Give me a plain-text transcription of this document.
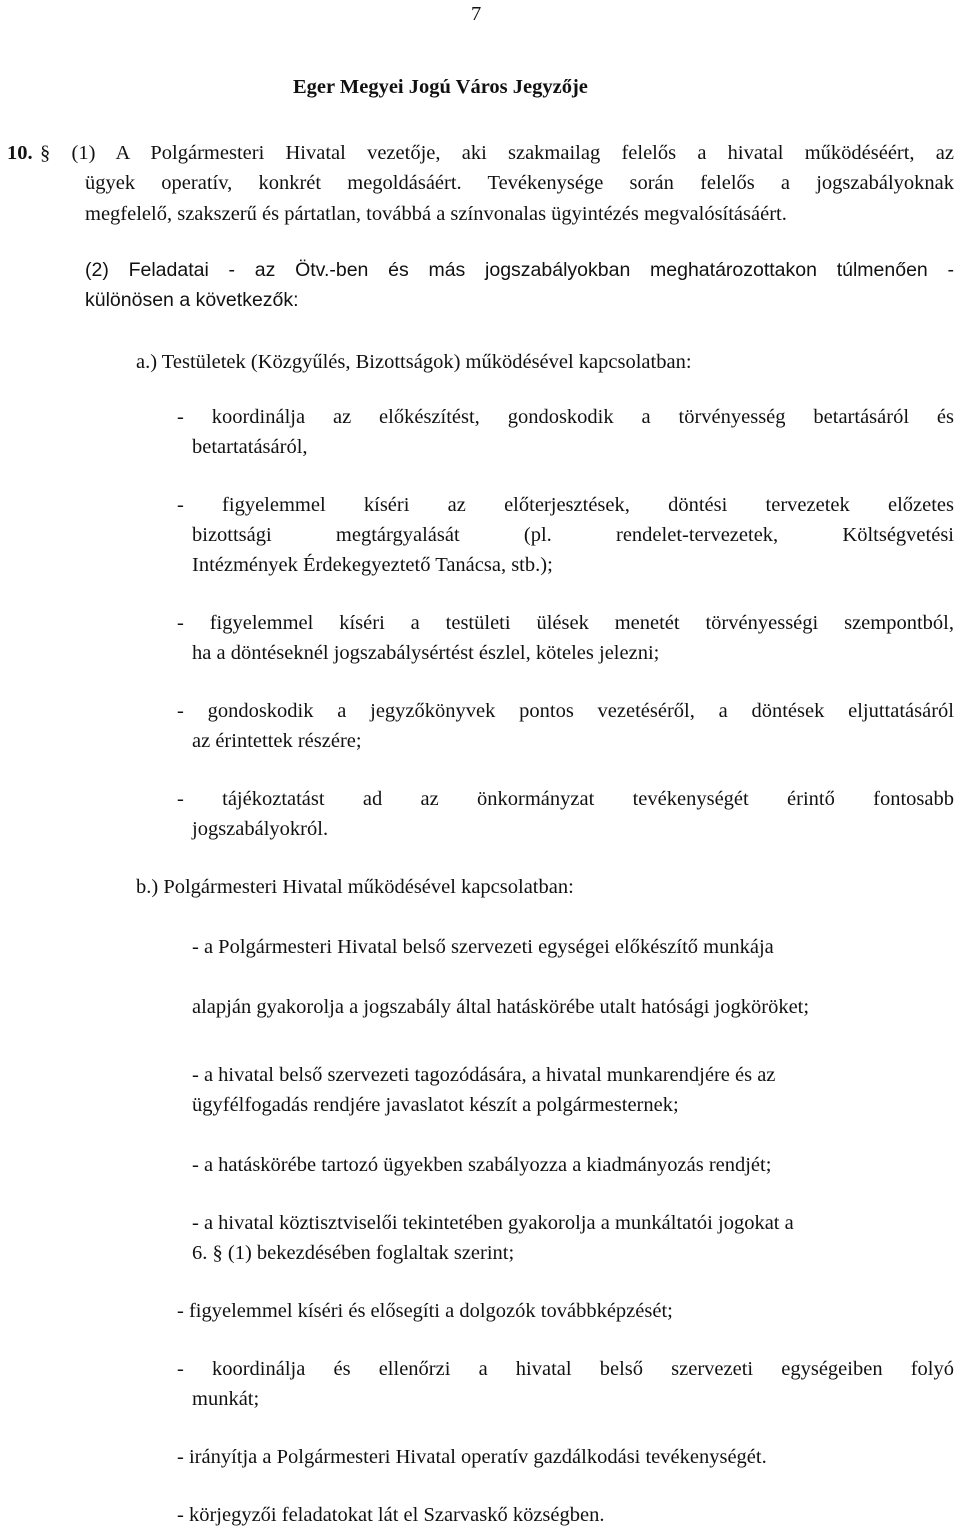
7
Eger Megyei Jogú Város Jegyzője
10. § (1) A Polgármesteri Hivatal vezetője, aki szakmailag felelős a hivatal működéséért, az
ügyek operatív, konkrét megoldásáért. Tevékenysége során felelős a jogszabályoknak
megfelelő, szakszerű és pártatlan, továbbá a színvonalas ügyintézés megvalósításáért.
(2) Feladatai - az Ötv.-ben és más jogszabályokban meghatározottakon túlmenően -
különösen a következők:
a.) Testületek (Közgyűlés, Bizottságok) működésével kapcsolatban:
- koordinálja az előkészítést, gondoskodik a törvényesség betartásáról és
betartatásáról,
- figyelemmel kíséri az előterjesztések, döntési tervezetek előzetes
bizottsági megtárgyalását (pl. rendelet-tervezetek, Költségvetési
Intézmények Érdekegyeztető Tanácsa, stb.);
- figyelemmel kíséri a testületi ülések menetét törvényességi szempontból,
ha a döntéseknél jogszabálysértést észlel, köteles jelezni;
- gondoskodik a jegyzőkönyvek pontos vezetéséről, a döntések eljuttatásáról
az érintettek részére;
- tájékoztatást ad az önkormányzat tevékenységét érintő fontosabb
jogszabályokról.
b.) Polgármesteri Hivatal működésével kapcsolatban:
- a Polgármesteri Hivatal belső szervezeti egységei előkészítő munkája
alapján gyakorolja a jogszabály által hatáskörébe utalt hatósági jogköröket;
- a hivatal belső szervezeti tagozódására, a hivatal munkarendjére és az
ügyfélfogadás rendjére javaslatot készít a polgármesternek;
- a hatáskörébe tartozó ügyekben szabályozza a kiadmányozás rendjét;
- a hivatal köztisztviselői tekintetében gyakorolja a munkáltatói jogokat a
6. § (1) bekezdésében foglaltak szerint;
- figyelemmel kíséri és elősegíti a dolgozók továbbképzését;
- koordinálja és ellenőrzi a hivatal belső szervezeti egységeiben folyó
munkát;
- irányítja a Polgármesteri Hivatal operatív gazdálkodási tevékenységét.
- körjegyzői feladatokat lát el Szarvaskő községben.
